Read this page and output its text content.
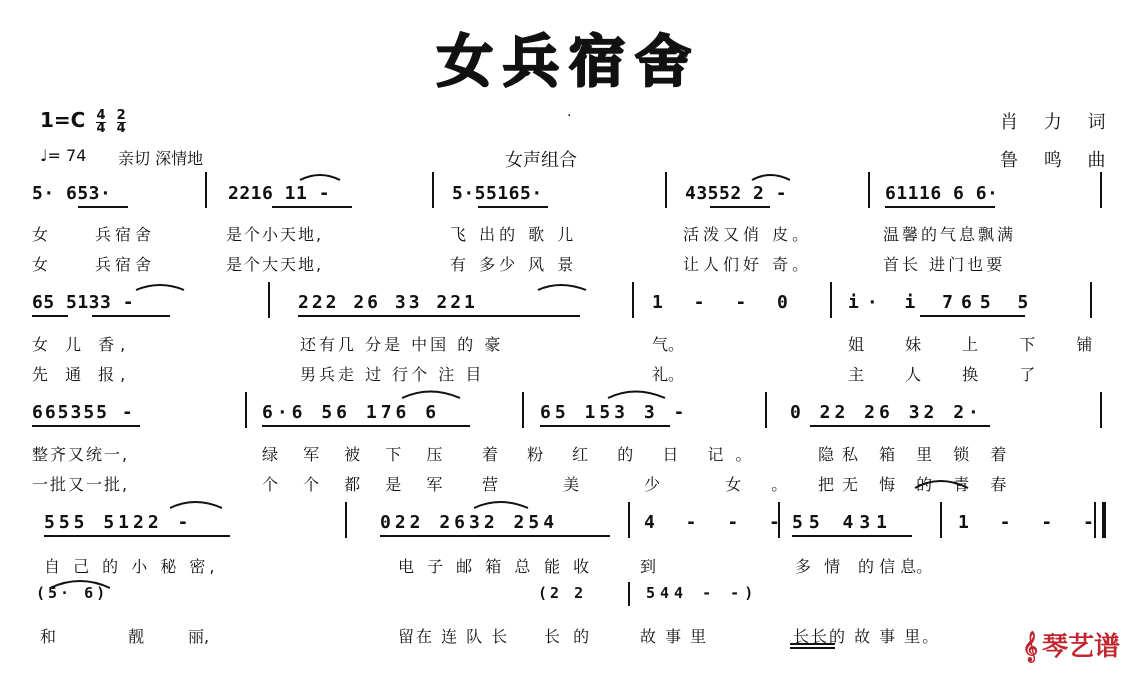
女兵宿舍
.
$1=C \frac{4}{4}$
$\frac{2}{4}$
♩= 74 亲切 深情地	女声组合
肖 力 词
鲁 鸣 曲
5· 653·	2216 11 -	5·55165·	43552 2 -	61116 6 6·
女	兵宿舍	是个小天地,	飞 出的 歌 儿	活泼又俏 皮。	温馨的气息飘满
女	兵宿舍	是个大天地,	有 多少 风 景	让人们好 奇。	首长 进门也要
65 5133 -	222 26 33 221	1 - - 0	i· i 765 5
女 儿 香,	还有几 分是 中国 的 豪	气。	姐 妹 上 下 铺
先 通 报,	男兵走 过 行个 注 目	礼。	主 人 换 了
665355 -	6·6 56 176 6	65 153 3 -	0 22 26 32 2·
整齐又统一,	绿 军 被 下 压 着 粉 红 的 日 记。	隐私 箱 里 锁 着
一批又一批,	个 个 都 是 军 营 美 少 女。 把无 悔 的 青 春
555 5122 -	022 2632 254	4 - - - 55 431	1 - - -
自 己 的 小 秘 密,	电 子 邮 箱 总 能 收	到	多 情 的 信 息。
(5· 6)	(2 2	544 - -)
和	靓	丽,	留在 连 队 长 长 的	故 事 里	长长的 故 事 里。	𝄞 琴艺谱
